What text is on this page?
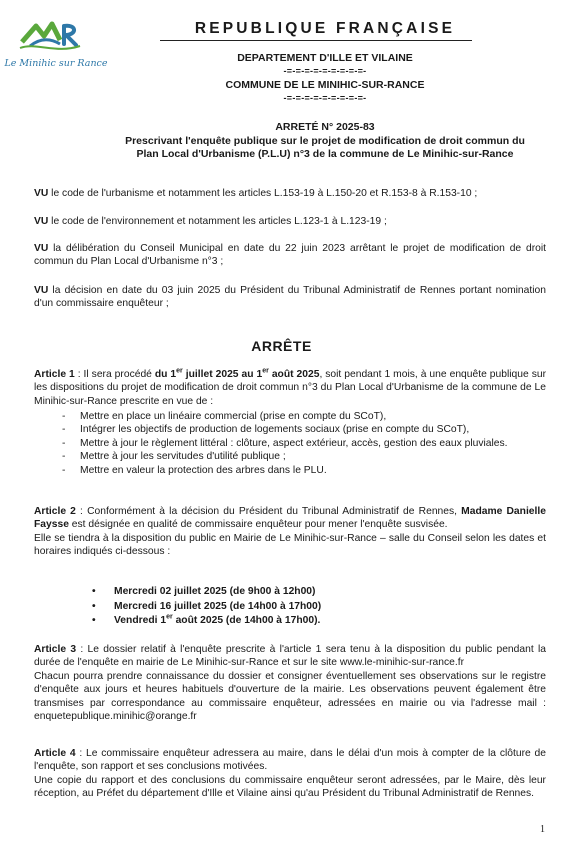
Le Minihic sur Rance
REPUBLIQUE FRANÇAISE
DEPARTEMENT D'ILLE ET VILAINE
-=-=-=-=-=-=-=-=-=-
COMMUNE DE LE MINIHIC-SUR-RANCE
-=-=-=-=-=-=-=-=-=-
ARRETÉ N° 2025-83
Prescrivant l'enquête publique sur le projet de modification de droit commun du
Plan Local d'Urbanisme (P.L.U) n°3 de la commune de Le Minihic-sur-Rance

VU le code de l'urbanisme et notamment les articles L.153-19 à L.150-20 et R.153-8 à R.153-10 ;

VU le code de l'environnement et notamment les articles L.123-1 à L.123-19 ;

VU la délibération du Conseil Municipal en date du 22 juin 2023 arrêtant le projet de modification de droit commun du Plan Local d'Urbanisme n°3 ;

VU la décision en date du 03 juin 2025 du Président du Tribunal Administratif de Rennes portant nomination d'un commissaire enquêteur ;

ARRÊTE

Article 1 : Il sera procédé du 1er juillet 2025 au 1er août 2025, soit pendant 1 mois, à une enquête publique sur les dispositions du projet de modification de droit commun n°3 du Plan Local d'Urbanisme de la commune de Le Minihic-sur-Rance prescrite en vue de :

- Mettre en place un linéaire commercial (prise en compte du SCoT),
- Intégrer les objectifs de production de logements sociaux (prise en compte du SCoT),
- Mettre à jour le règlement littéral : clôture, aspect extérieur, accès, gestion des eaux pluviales.
- Mettre à jour les servitudes d'utilité publique ;
- Mettre en valeur la protection des arbres dans le PLU.
Article 2 : Conformément à la décision du Président du Tribunal Administratif de Rennes, Madame Danielle Faysse est désignée en qualité de commissaire enquêteur pour mener l'enquête susvisée.
Elle se tiendra à la disposition du public en Mairie de Le Minihic-sur-Rance – salle du Conseil selon les dates et horaires indiqués ci-dessous :
• Mercredi 02 juillet 2025 (de 9h00 à 12h00)
• Mercredi 16 juillet 2025 (de 14h00 à 17h00)
• Vendredi 1er août 2025 (de 14h00 à 17h00).
Article 3 : Le dossier relatif à l'enquête prescrite à l'article 1 sera tenu à la disposition du public pendant la durée de l'enquête en mairie de Le Minihic-sur-Rance et sur le site www.le-minihic-sur-rance.fr
Chacun pourra prendre connaissance du dossier et consigner éventuellement ses observations sur le registre d'enquête aux jours et heures habituels d'ouverture de la mairie. Les observations peuvent également être transmises par correspondance au commissaire enquêteur, adressées en mairie ou via l'adresse mail : enquetepublique.minihic@orange.fr
Article 4 : Le commissaire enquêteur adressera au maire, dans le délai d'un mois à compter de la clôture de l'enquête, son rapport et ses conclusions motivées.
Une copie du rapport et des conclusions du commissaire enquêteur seront adressées, par le Maire, dès leur réception, au Préfet du département d'Ille et Vilaine ainsi qu'au Président du Tribunal Administratif de Rennes.
1
